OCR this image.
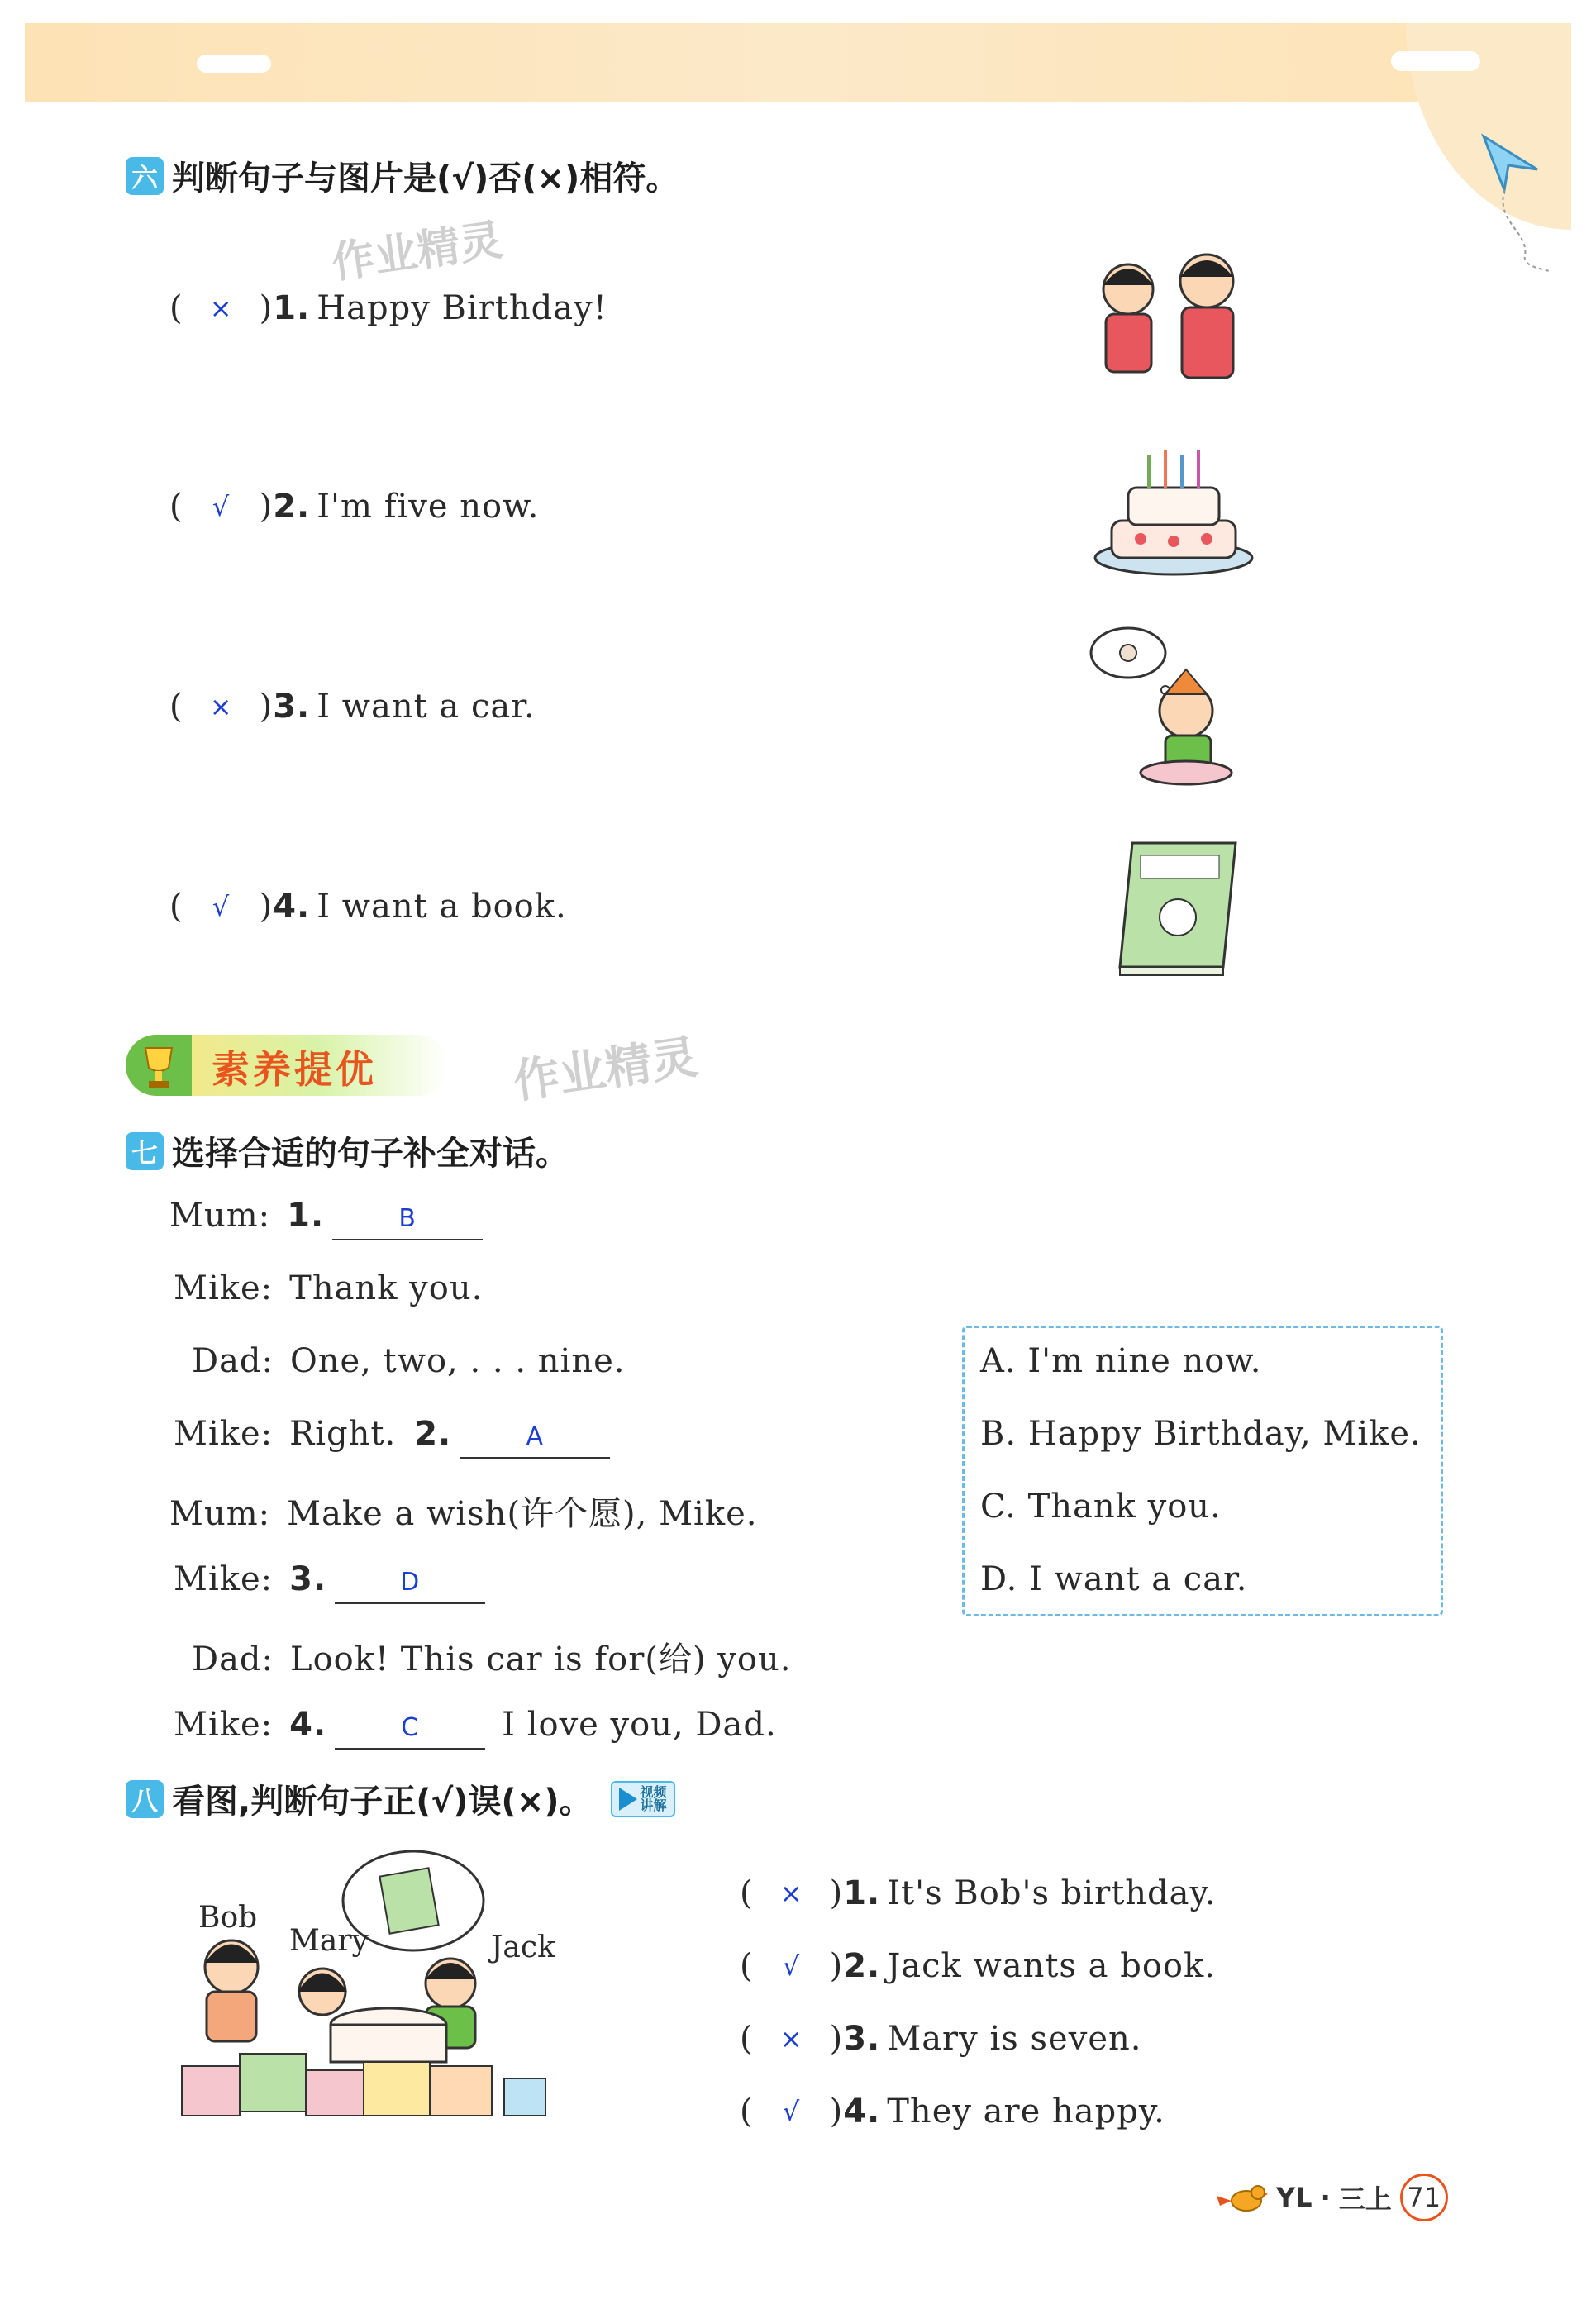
六 判断句子与图片是(√)否(×)相符。
作业精灵
(	× ) 1. Happy Birthday!
(	√ ) 2. I'm five now.
(	× ) 3. I want a car.
(	√ ) 4. I want a book.
素养提优	作业精灵
七 选择合适的句子补全对话。
Mum: 1.	B
Mike: Thank you.
Dad: One, two, . . . nine.
Mike: Right. 2.	A
Mum: Make a wish(许个愿), Mike.
Mike: 3.	D
Dad: Look! This car is for(给) you.
Mike: 4.	C	I love you, Dad.
A. I'm nine now.
B. Happy Birthday, Mike.
C. Thank you.
D. I want a car.
八 看图,判断句子正(√)误(×)。	视频
讲解
Bob
Mary	Jack
(	× ) 1. It's Bob's birthday.
(	√ ) 2. Jack wants a book.
(	× ) 3. Mary is seven.
(	√ ) 4. They are happy.
YL · 三上 71
